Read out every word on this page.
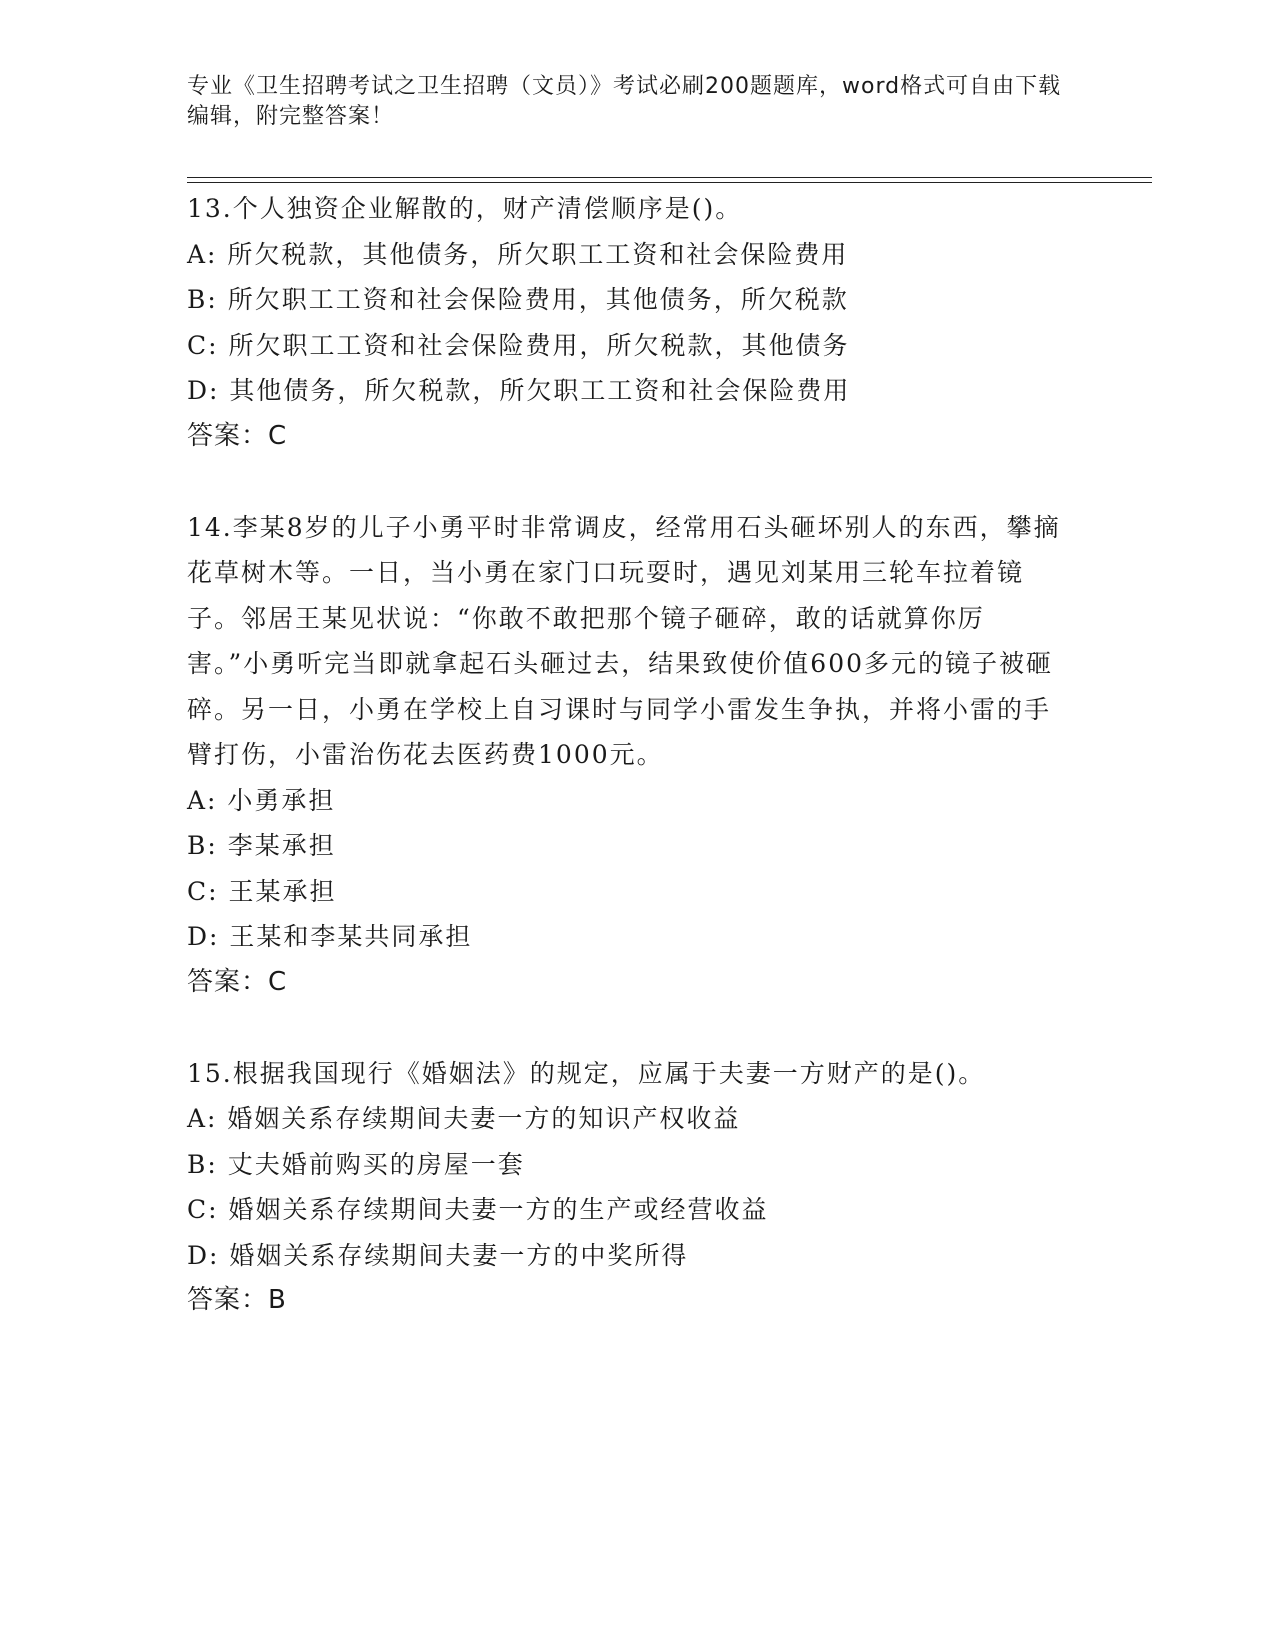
专业《卫生招聘考试之卫生招聘（文员）》考试必刷200题题库，word格式可自由下载编辑，附完整答案！
13.个人独资企业解散的，财产清偿顺序是()。
A: 所欠税款，其他债务，所欠职工工资和社会保险费用
B: 所欠职工工资和社会保险费用，其他债务，所欠税款
C: 所欠职工工资和社会保险费用，所欠税款，其他债务
D: 其他债务，所欠税款，所欠职工工资和社会保险费用
答案：C
14.李某8岁的儿子小勇平时非常调皮，经常用石头砸坏别人的东西，攀摘花草树木等。一日，当小勇在家门口玩耍时，遇见刘某用三轮车拉着镜子。邻居王某见状说：“你敢不敢把那个镜子砸碎，敢的话就算你厉害。”小勇听完当即就拿起石头砸过去，结果致使价值600多元的镜子被砸碎。另一日，小勇在学校上自习课时与同学小雷发生争执，并将小雷的手臂打伤，小雷治伤花去医药费1000元。
A: 小勇承担
B: 李某承担
C: 王某承担
D: 王某和李某共同承担
答案：C
15.根据我国现行《婚姻法》的规定，应属于夫妻一方财产的是()。
A: 婚姻关系存续期间夫妻一方的知识产权收益
B: 丈夫婚前购买的房屋一套
C: 婚姻关系存续期间夫妻一方的生产或经营收益
D: 婚姻关系存续期间夫妻一方的中奖所得
答案：B
